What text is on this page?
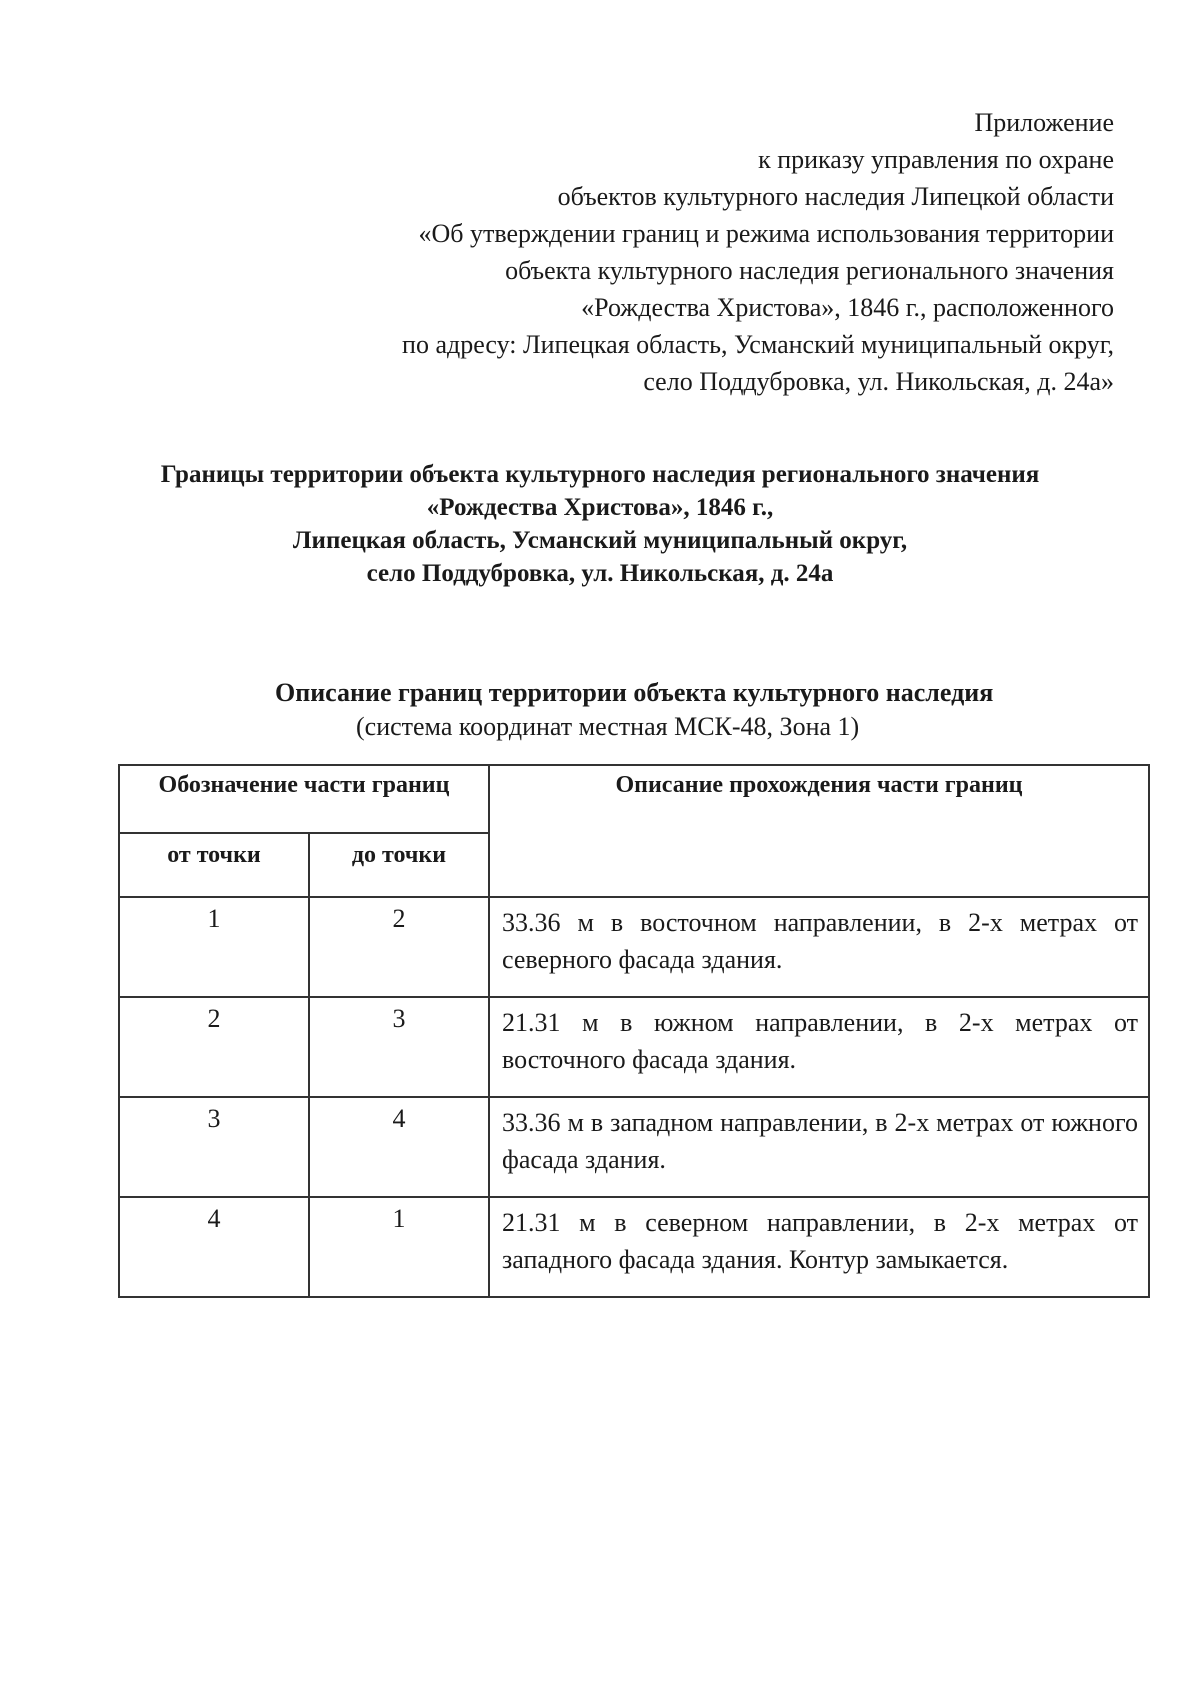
Приложение
к приказу управления по охране
объектов культурного наследия Липецкой области
«Об утверждении границ и режима использования территории
объекта культурного наследия регионального значения
«Рождества Христова», 1846 г., расположенного
по адресу: Липецкая область, Усманский муниципальный округ,
село Поддубровка, ул. Никольская, д. 24а»
Границы территории объекта культурного наследия регионального значения
«Рождества Христова», 1846 г.,
Липецкая область, Усманский муниципальный округ,
село Поддубровка, ул. Никольская, д. 24а
Описание границ территории объекта культурного наследия
(система координат местная МСК-48, Зона 1)
Обозначение части границ		Описание прохождения части границ
от точки	до точки	
1	2	33.36 м в восточном направлении, в 2-х метрах от северного фасада здания.
2	3	21.31 м в южном направлении, в 2-х метрах от восточного фасада здания.
3	4	33.36 м в западном направлении, в 2-х метрах от южного фасада здания.
4	1	21.31 м в северном направлении, в 2-х метрах от западного фасада здания. Контур замыкается.
